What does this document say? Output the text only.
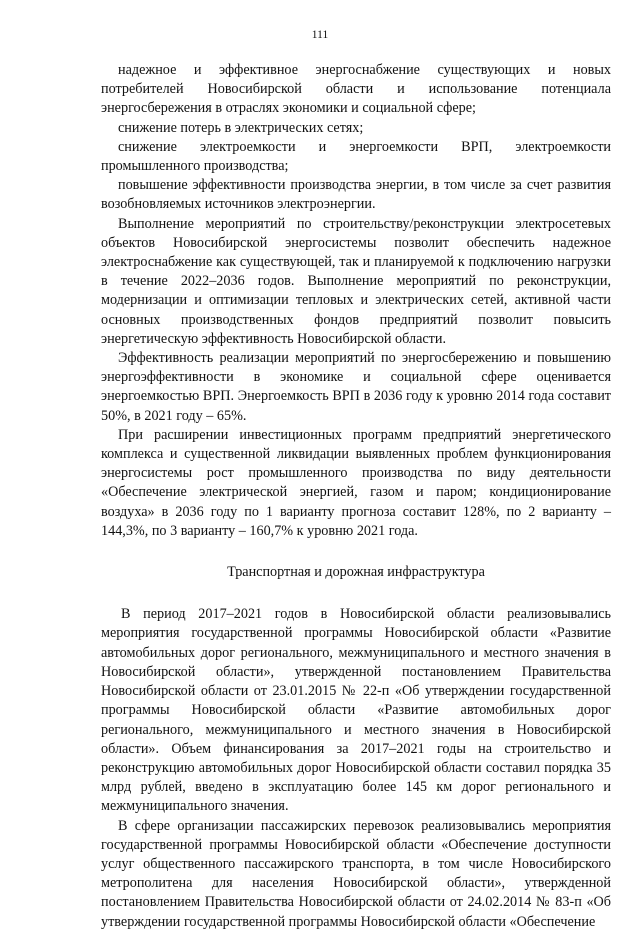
111

надежное и эффективное энергоснабжение существующих и новых потребителей Новосибирской области и использование потенциала энергосбережения в отраслях экономики и социальной сфере;

снижение потерь в электрических сетях;

снижение электроемкости и энергоемкости ВРП, электроемкости промышленного производства;

повышение эффективности производства энергии, в том числе за счет развития возобновляемых источников электроэнергии.

Выполнение мероприятий по строительству/реконструкции электросетевых объектов Новосибирской энергосистемы позволит обеспечить надежное электроснабжение как существующей, так и планируемой к подключению нагрузки в течение 2022–2036 годов. Выполнение мероприятий по реконструкции, модернизации и оптимизации тепловых и электрических сетей, активной части основных производственных фондов предприятий позволит повысить энергетическую эффективность Новосибирской области.

Эффективность реализации мероприятий по энергосбережению и повышению энергоэффективности в экономике и социальной сфере оценивается энергоемкостью ВРП. Энергоемкость ВРП в 2036 году к уровню 2014 года составит 50%, в 2021 году – 65%.

При расширении инвестиционных программ предприятий энергетического комплекса и существенной ликвидации выявленных проблем функционирования энергосистемы рост промышленного производства по виду деятельности «Обеспечение электрической энергией, газом и паром; кондиционирование воздуха» в 2036 году по 1 варианту прогноза составит 128%, по 2 варианту – 144,3%, по 3 варианту – 160,7% к уровню 2021 года.

Транспортная и дорожная инфраструктура

В период 2017–2021 годов в Новосибирской области реализовывались мероприятия государственной программы Новосибирской области «Развитие автомобильных дорог регионального, межмуниципального и местного значения в Новосибирской области», утвержденной постановлением Правительства Новосибирской области от 23.01.2015 № 22-п «Об утверждении государственной программы Новосибирской области «Развитие автомобильных дорог регионального, межмуниципального и местного значения в Новосибирской области». Объем финансирования за 2017–2021 годы на строительство и реконструкцию автомобильных дорог Новосибирской области составил порядка 35 млрд рублей, введено в эксплуатацию более 145 км дорог регионального и межмуниципального значения.

В сфере организации пассажирских перевозок реализовывались мероприятия государственной программы Новосибирской области «Обеспечение доступности услуг общественного пассажирского транспорта, в том числе Новосибирского метрополитена для населения Новосибирской области», утвержденной постановлением Правительства Новосибирской области от 24.02.2014 № 83-п «Об утверждении государственной программы Новосибирской области «Обеспечение
